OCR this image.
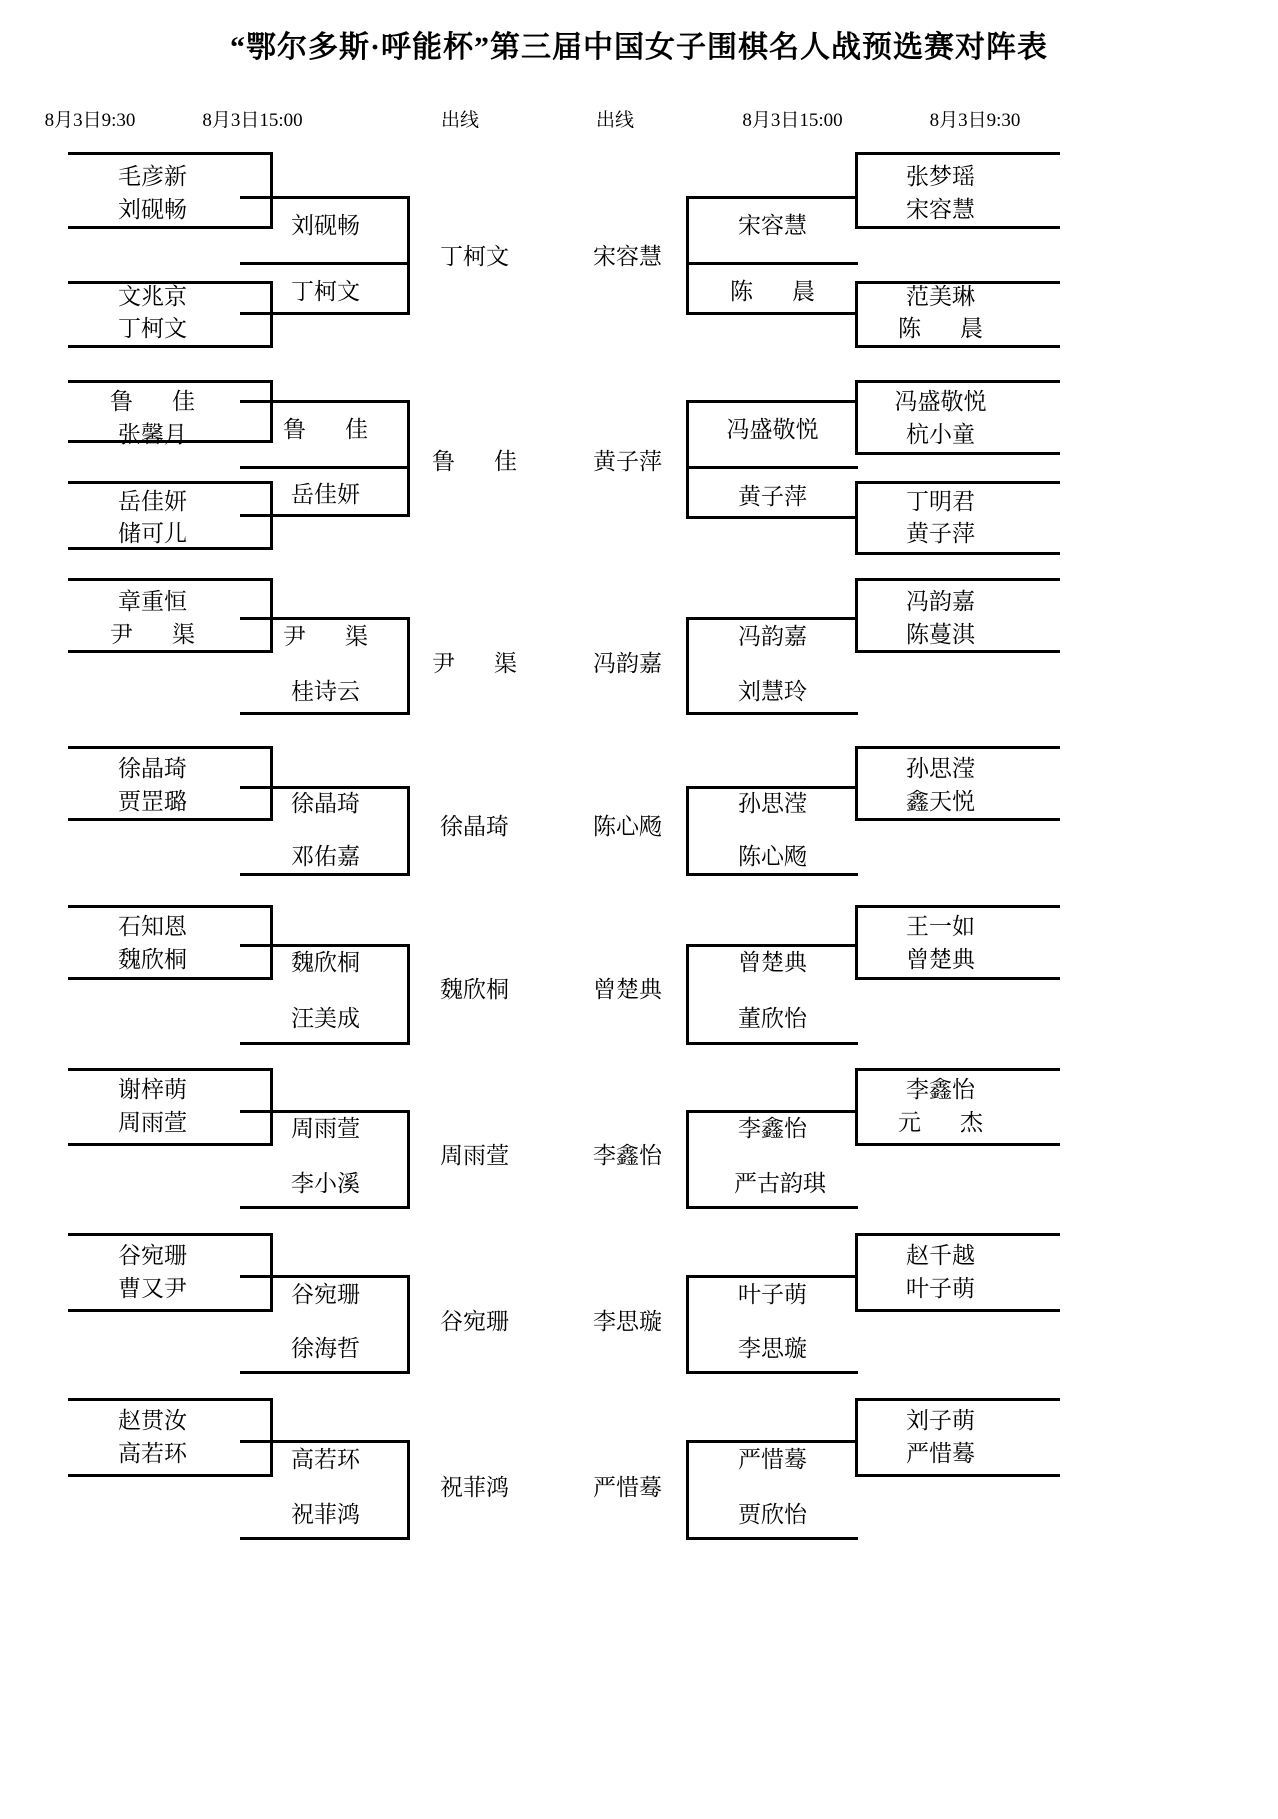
“鄂尔多斯·呼能杯”第三届中国女子围棋名人战预选赛对阵表
8月3日9:30	8月3日15:00	出线	出线	8月3日15:00	8月3日9:30
毛彦新
刘砚畅
文兆京
丁柯文
刘砚畅
丁柯文
丁柯文
鲁　佳
张馨月
岳佳妍
储可儿
鲁　佳
岳佳妍
鲁　佳
章重恒
尹　渠	尹　渠
桂诗云
尹　渠
徐晶琦
贾罡璐	徐晶琦
邓佑嘉
徐晶琦
石知恩
魏欣桐	魏欣桐
汪美成
魏欣桐
谢梓萌
周雨萱	周雨萱
李小溪
周雨萱
谷宛珊
曹又尹	谷宛珊
徐海哲
谷宛珊
赵贯汝
高若环	高若环
祝菲鸿
祝菲鸿
张梦瑶
宋容慧
范美琳
陈　晨
宋容慧
陈　晨
宋容慧
冯盛敬悦
杭小童
丁明君
黄子萍
冯盛敬悦
黄子萍
黄子萍
冯韵嘉
陈蔓淇
冯韵嘉
刘慧玲
冯韵嘉
孙思滢
鑫天悦
孙思滢
陈心飏
陈心飏
王一如
曾楚典
曾楚典
董欣怡
曾楚典
李鑫怡
元　杰
李鑫怡
严古韵琪
李鑫怡
赵千越
叶子萌
叶子萌
李思璇
李思璇
刘子萌
严惜蓦
严惜蓦
贾欣怡
严惜蓦
